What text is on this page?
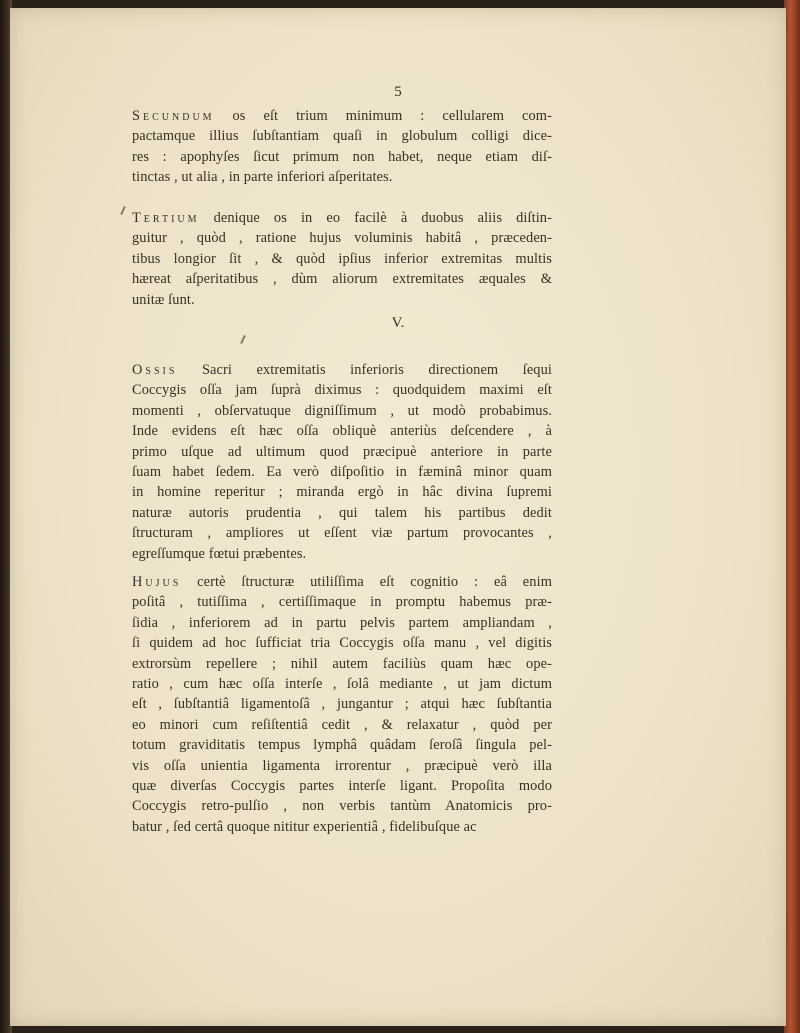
5

Secundum os eſt trium minimum : cellularem com-
pactamque illius ſubſtantiam quaſi in globulum colligi dice-
res : apophyſes ſicut primum non habet, neque etiam diſ-
tinctas , ut alia , in parte inferiori aſperitates.

Tertium denique os in eo facilè à duobus aliis diſtin-
guitur , quòd , ratione hujus voluminis habitâ , præceden-
tibus longior ſit , & quòd ipſius inferior extremitas multis
hæreat aſperitatibus , dùm aliorum extremitates æquales &
unitæ ſunt.

V.

Ossis Sacri extremitatis inferioris directionem ſequi
Coccygis oſſa jam ſuprà diximus : quodquidem maximi eſt
momenti , obſervatuque digniſſimum , ut modò probabimus.
Inde evidens eſt hæc oſſa obliquè anteriùs deſcendere , à
primo uſque ad ultimum quod præcipuè anteriore in parte
ſuam habet ſedem. Ea verò diſpoſitio in fæminâ minor quam
in homine reperitur ; miranda ergò in hâc divina ſupremi
naturæ autoris prudentia , qui talem his partibus dedit
ſtructuram , ampliores ut eſſent viæ partum provocantes ,
egreſſumque fœtui præbentes.

Hujus certè ſtructuræ utiliſſima eſt cognitio : eâ enim
poſitâ , tutiſſima , certiſſimaque in promptu habemus præ-
ſidia , inferiorem ad in partu pelvis partem ampliandam ,
ſi quidem ad hoc ſufficiat tria Coccygis oſſa manu , vel digitis
extrorsùm repellere ; nihil autem faciliùs quam hæc ope-
ratio , cum hæc oſſa interſe , ſolâ mediante , ut jam dictum
eſt , ſubſtantiâ ligamentoſâ , jungantur ; atqui hæc ſubſtantia
eo minori cum reſiſtentiâ cedit , & relaxatur , quòd per
totum graviditatis tempus lymphâ quâdam ſeroſâ ſingula pel-
vis oſſa unientia ligamenta irrorentur , præcipuè verò illa
quæ diverſas Coccygis partes interſe ligant. Propoſita modo
Coccygis retro-pulſio , non verbis tantùm Anatomicis pro-
batur , ſed certâ quoque nititur experientiâ , fidelibuſque ac
